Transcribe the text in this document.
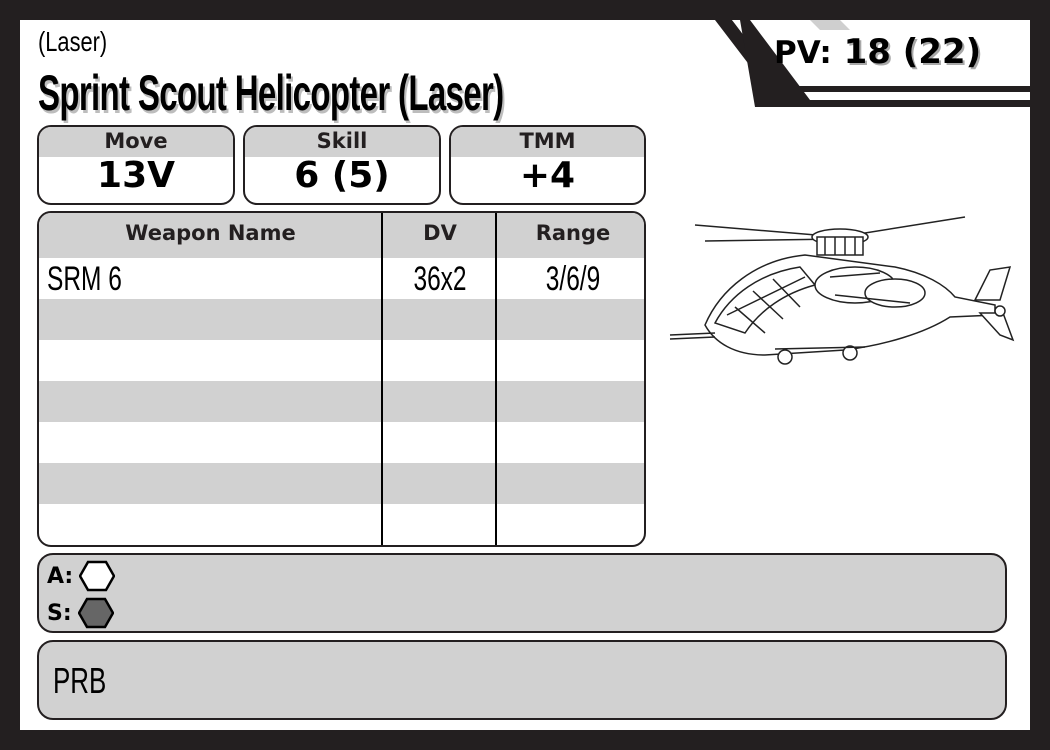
(Laser)
Sprint Scout Helicopter (Laser)
PV: 18 (22)
Move
13V
Skill
6 (5)
TMM
+4
Weapon Name	DV	Range
SRM 6	36x2	3/6/9
A:
S:
PRB
